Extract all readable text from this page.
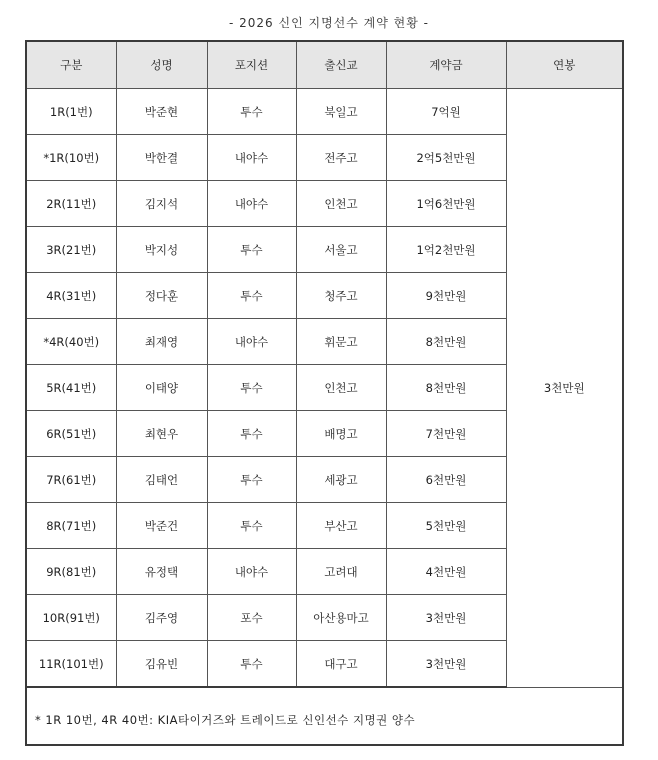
- 2026 신인 지명선수 계약 현황 -
구분	성명	포지션	출신교	계약금	연봉
1R(1번)	박준현	투수	북일고	7억원	3천만원
*1R(10번)	박한결	내야수	전주고	2억5천만원	
2R(11번)	김지석	내야수	인천고	1억6천만원	
3R(21번)	박지성	투수	서울고	1억2천만원	
4R(31번)	정다훈	투수	청주고	9천만원	
*4R(40번)	최재영	내야수	휘문고	8천만원	
5R(41번)	이태양	투수	인천고	8천만원	
6R(51번)	최현우	투수	배명고	7천만원	
7R(61번)	김태언	투수	세광고	6천만원	
8R(71번)	박준건	투수	부산고	5천만원	
9R(81번)	유정택	내야수	고려대	4천만원	
10R(91번)	김주영	포수	아산용마고	3천만원	
11R(101번)	김유빈	투수	대구고	3천만원	
* 1R 10번, 4R 40번: KIA타이거즈와 트레이드로 신인선수 지명권 양수
